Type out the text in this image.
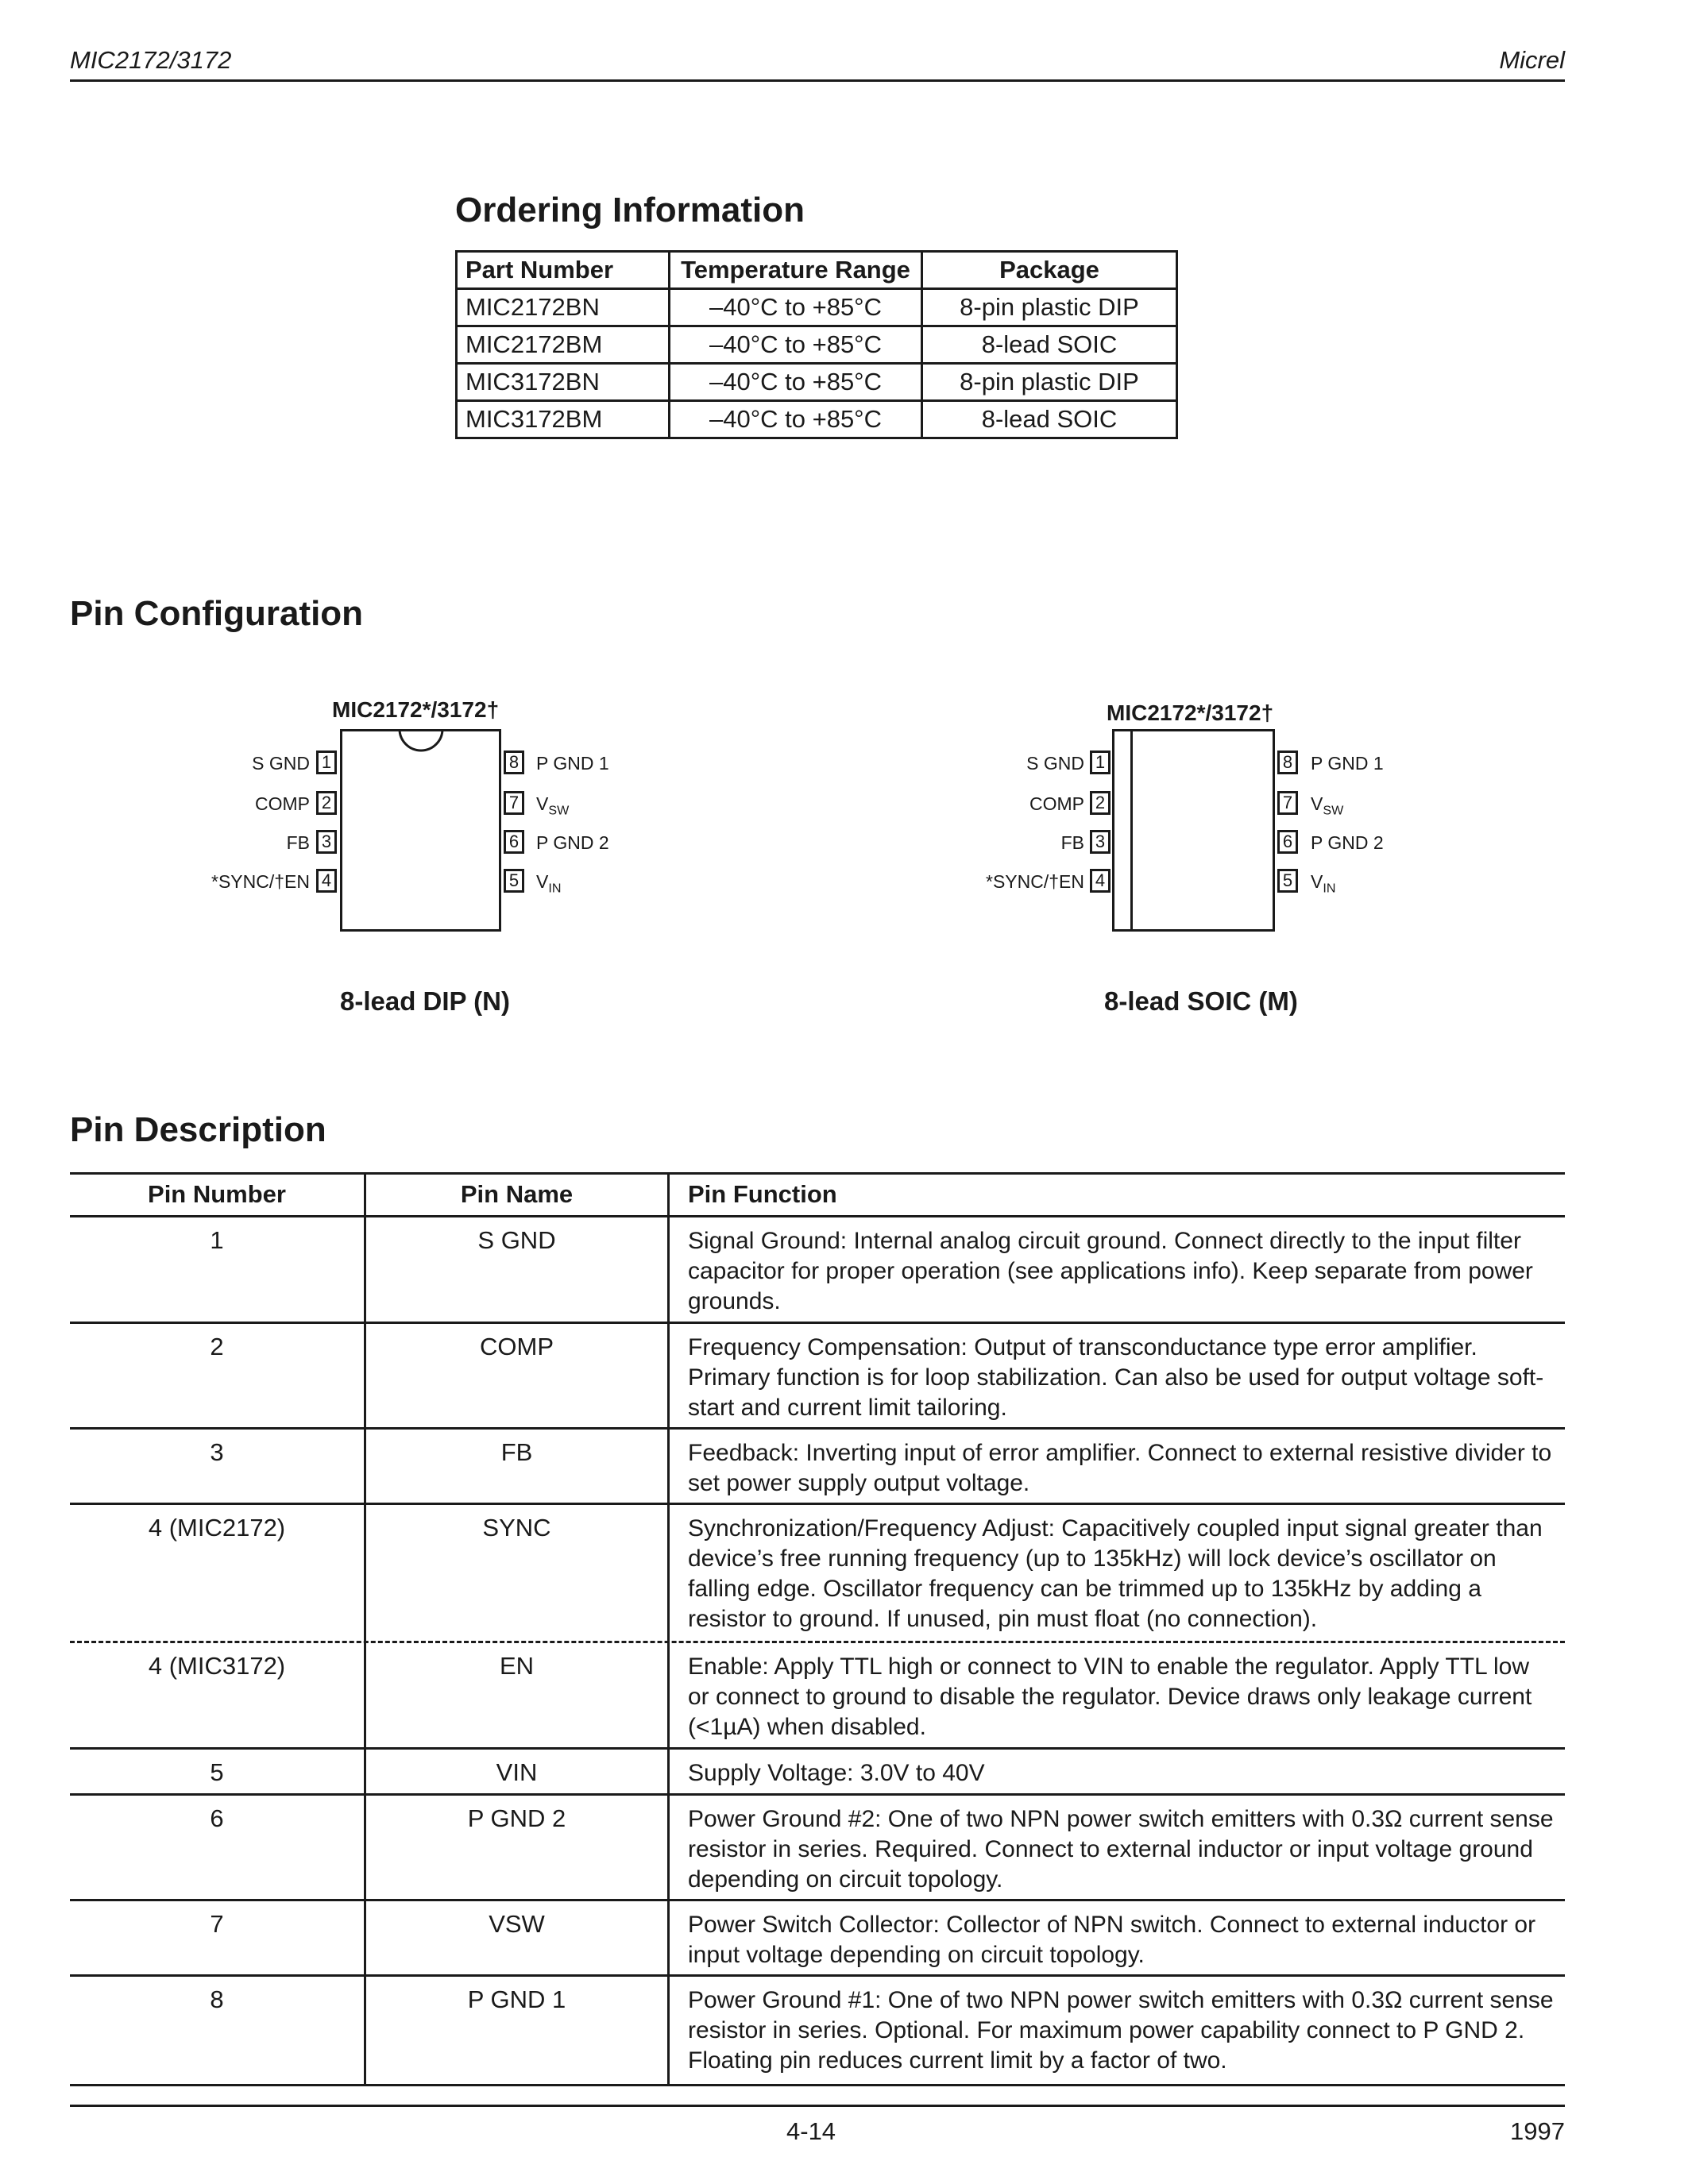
MIC2172/3172	Micrel
Ordering Information
Part Number	Temperature Range	Package
MIC2172BN	–40°C to +85°C	8-pin plastic DIP
MIC2172BM	–40°C to +85°C	8-lead SOIC
MIC3172BN	–40°C to +85°C	8-pin plastic DIP
MIC3172BM	–40°C to +85°C	8-lead SOIC
Pin Configuration
MIC2172*/3172†
S GND
COMP
FB
*SYNC/†EN
1
2
3
4
8
7
6
5
P GND 1
$V_{SW}$
P GND 2
$V_{IN}$
8-lead DIP (N)
MIC2172*/3172†
S GND
COMP
FB
*SYNC/†EN
1
2
3
4
8
7
6
5
P GND 1
$V_{SW}$
P GND 2
$V_{IN}$
8-lead SOIC (M)
Pin Description
Pin Number	Pin Name	Pin Function
1	S GND	Signal Ground: Internal analog circuit ground. Connect directly to the input filter capacitor for proper operation (see applications info). Keep separate from power grounds.
2	COMP	Frequency Compensation: Output of transconductance type error amplifier. Primary function is for loop stabilization. Can also be used for output voltage soft-start and current limit tailoring.
3	FB	Feedback: Inverting input of error amplifier. Connect to external resistive divider to set power supply output voltage.
4 (MIC2172)	SYNC	Synchronization/Frequency Adjust: Capacitively coupled input signal greater than device’s free running frequency (up to 135kHz) will lock device’s oscillator on falling edge. Oscillator frequency can be trimmed up to 135kHz by adding a resistor to ground. If unused, pin must float (no connection).
4 (MIC3172)	EN	Enable: Apply TTL high or connect to VIN to enable the regulator. Apply TTL low or connect to ground to disable the regulator. Device draws only leakage current (<1µA) when disabled.
5	VIN	Supply Voltage: 3.0V to 40V
6	P GND 2	Power Ground #2: One of two NPN power switch emitters with 0.3Ω current sense resistor in series. Required. Connect to external inductor or input voltage ground depending on circuit topology.
7	VSW	Power Switch Collector: Collector of NPN switch. Connect to external inductor or input voltage depending on circuit topology.
8	P GND 1	Power Ground #1: One of two NPN power switch emitters with 0.3Ω current sense resistor in series. Optional. For maximum power capability connect to P GND 2. Floating pin reduces current limit by a factor of two.
4-14	1997
